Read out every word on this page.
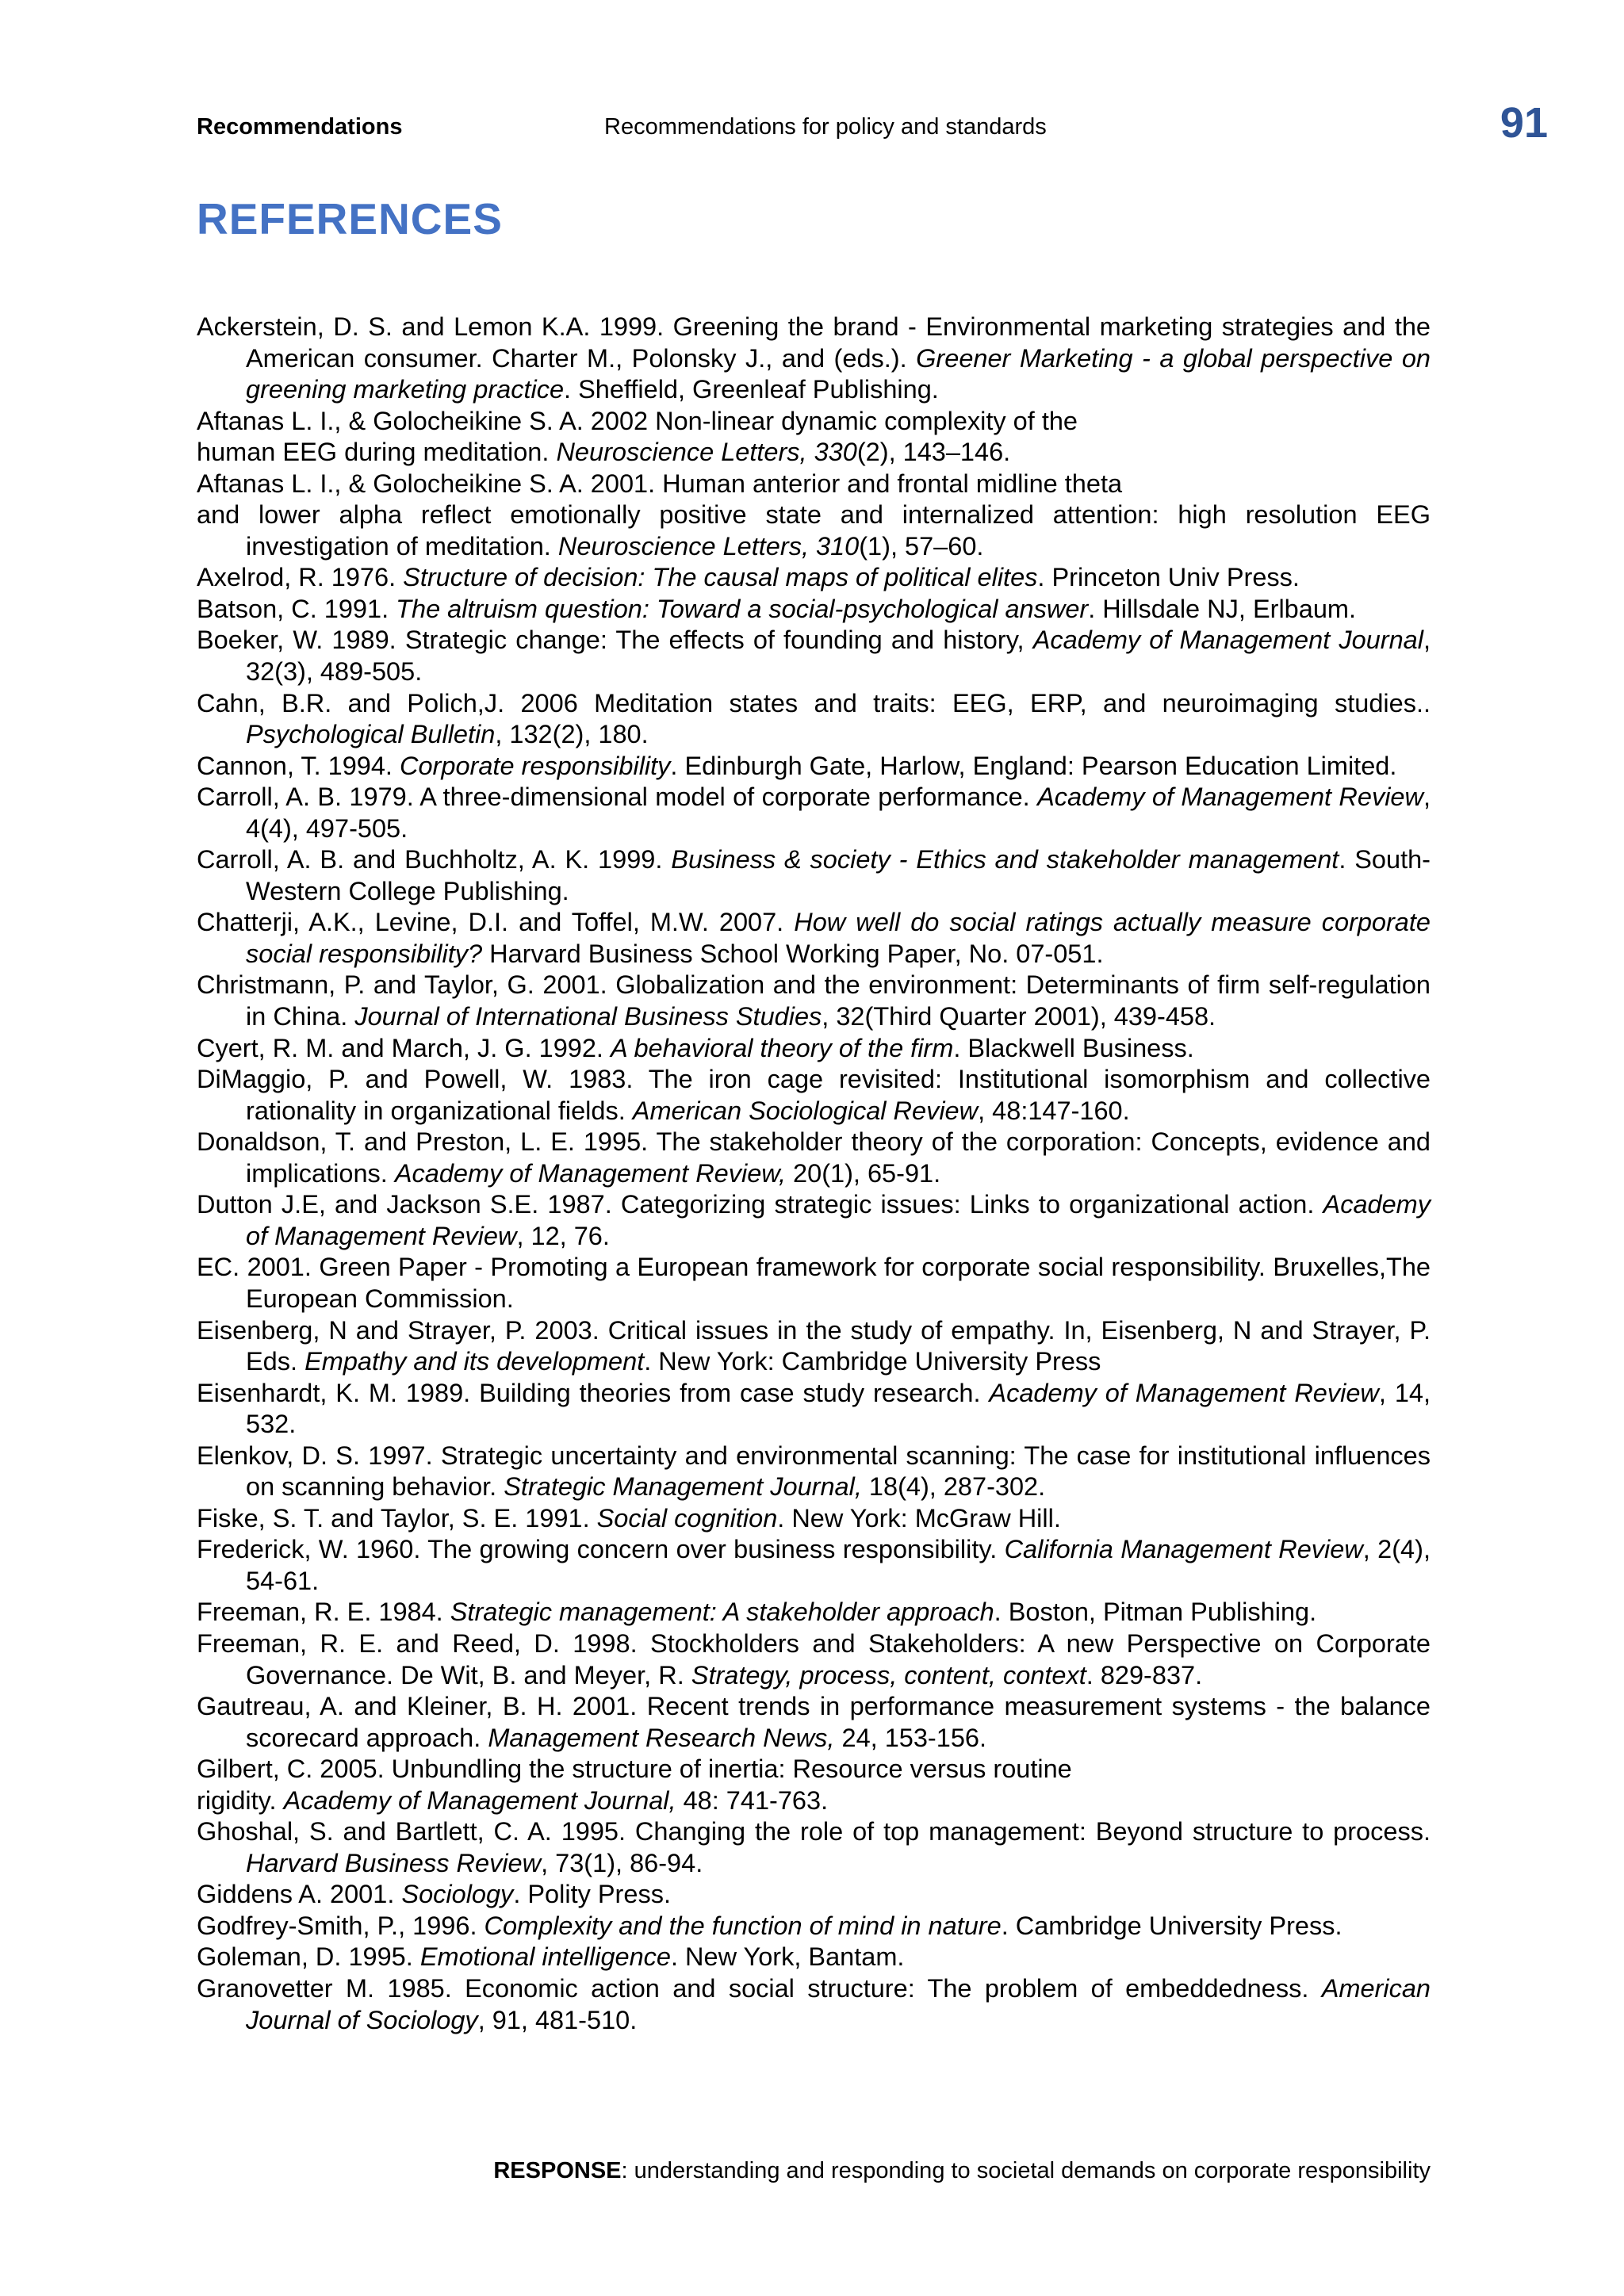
Recommendations	Recommendations for policy and standards	91
REFERENCES
Ackerstein, D. S. and Lemon K.A. 1999. Greening the brand - Environmental marketing strategies and the American consumer. Charter M., Polonsky J., and (eds.). Greener Marketing - a global perspective on greening marketing practice. Sheffield, Greenleaf Publishing.
Aftanas L. I., & Golocheikine S. A. 2002 Non-linear dynamic complexity of the
human EEG during meditation. Neuroscience Letters, 330(2), 143–146.
Aftanas L. I., & Golocheikine S. A. 2001. Human anterior and frontal midline theta
and lower alpha reflect emotionally positive state and internalized attention: high resolution EEG investigation of meditation. Neuroscience Letters, 310(1), 57–60.
Axelrod, R. 1976. Structure of decision: The causal maps of political elites. Princeton Univ Press.
Batson, C. 1991. The altruism question: Toward a social-psychological answer. Hillsdale NJ, Erlbaum.
Boeker, W. 1989. Strategic change: The effects of founding and history, Academy of Management Journal, 32(3), 489-505.
Cahn, B.R. and Polich,J. 2006 Meditation states and traits: EEG, ERP, and neuroimaging studies.. Psychological Bulletin, 132(2), 180.
Cannon, T. 1994. Corporate responsibility. Edinburgh Gate, Harlow, England: Pearson Education Limited.
Carroll, A. B. 1979. A three-dimensional model of corporate performance. Academy of Management Review, 4(4), 497-505.
Carroll, A. B. and Buchholtz, A. K. 1999. Business & society - Ethics and stakeholder management. South-Western College Publishing.
Chatterji, A.K., Levine, D.I. and Toffel, M.W. 2007. How well do social ratings actually measure corporate social responsibility? Harvard Business School Working Paper, No. 07-051.
Christmann, P. and Taylor, G. 2001. Globalization and the environment: Determinants of firm self-regulation in China. Journal of International Business Studies, 32(Third Quarter 2001), 439-458.
Cyert, R. M. and March, J. G. 1992. A behavioral theory of the firm. Blackwell Business.
DiMaggio, P. and Powell, W. 1983. The iron cage revisited: Institutional isomorphism and collective rationality in organizational fields. American Sociological Review, 48:147-160.
Donaldson, T. and Preston, L. E. 1995. The stakeholder theory of the corporation: Concepts, evidence and implications. Academy of Management Review, 20(1), 65-91.
Dutton J.E, and Jackson S.E. 1987. Categorizing strategic issues: Links to organizational action. Academy of Management Review, 12, 76.
EC. 2001. Green Paper - Promoting a European framework for corporate social responsibility. Bruxelles,The European Commission.
Eisenberg, N and Strayer, P. 2003. Critical issues in the study of empathy. In, Eisenberg, N and Strayer, P. Eds. Empathy and its development. New York: Cambridge University Press
Eisenhardt, K. M. 1989. Building theories from case study research. Academy of Management Review, 14, 532.
Elenkov, D. S. 1997. Strategic uncertainty and environmental scanning: The case for institutional influences on scanning behavior. Strategic Management Journal, 18(4), 287-302.
Fiske, S. T. and Taylor, S. E. 1991. Social cognition. New York: McGraw Hill.
Frederick, W. 1960. The growing concern over business responsibility. California Management Review, 2(4), 54-61.
Freeman, R. E. 1984. Strategic management: A stakeholder approach. Boston, Pitman Publishing.
Freeman, R. E. and Reed, D. 1998. Stockholders and Stakeholders: A new Perspective on Corporate Governance. De Wit, B. and Meyer, R. Strategy, process, content, context. 829-837.
Gautreau, A. and Kleiner, B. H. 2001. Recent trends in performance measurement systems - the balance scorecard approach. Management Research News, 24, 153-156.
Gilbert, C. 2005. Unbundling the structure of inertia: Resource versus routine
rigidity. Academy of Management Journal, 48: 741-763.
Ghoshal, S. and Bartlett, C. A. 1995. Changing the role of top management: Beyond structure to process. Harvard Business Review, 73(1), 86-94.
Giddens A. 2001. Sociology. Polity Press.
Godfrey-Smith, P., 1996. Complexity and the function of mind in nature. Cambridge University Press.
Goleman, D. 1995. Emotional intelligence. New York, Bantam.
Granovetter M. 1985. Economic action and social structure: The problem of embeddedness. American Journal of Sociology, 91, 481-510.
RESPONSE: understanding and responding to societal demands on corporate responsibility
